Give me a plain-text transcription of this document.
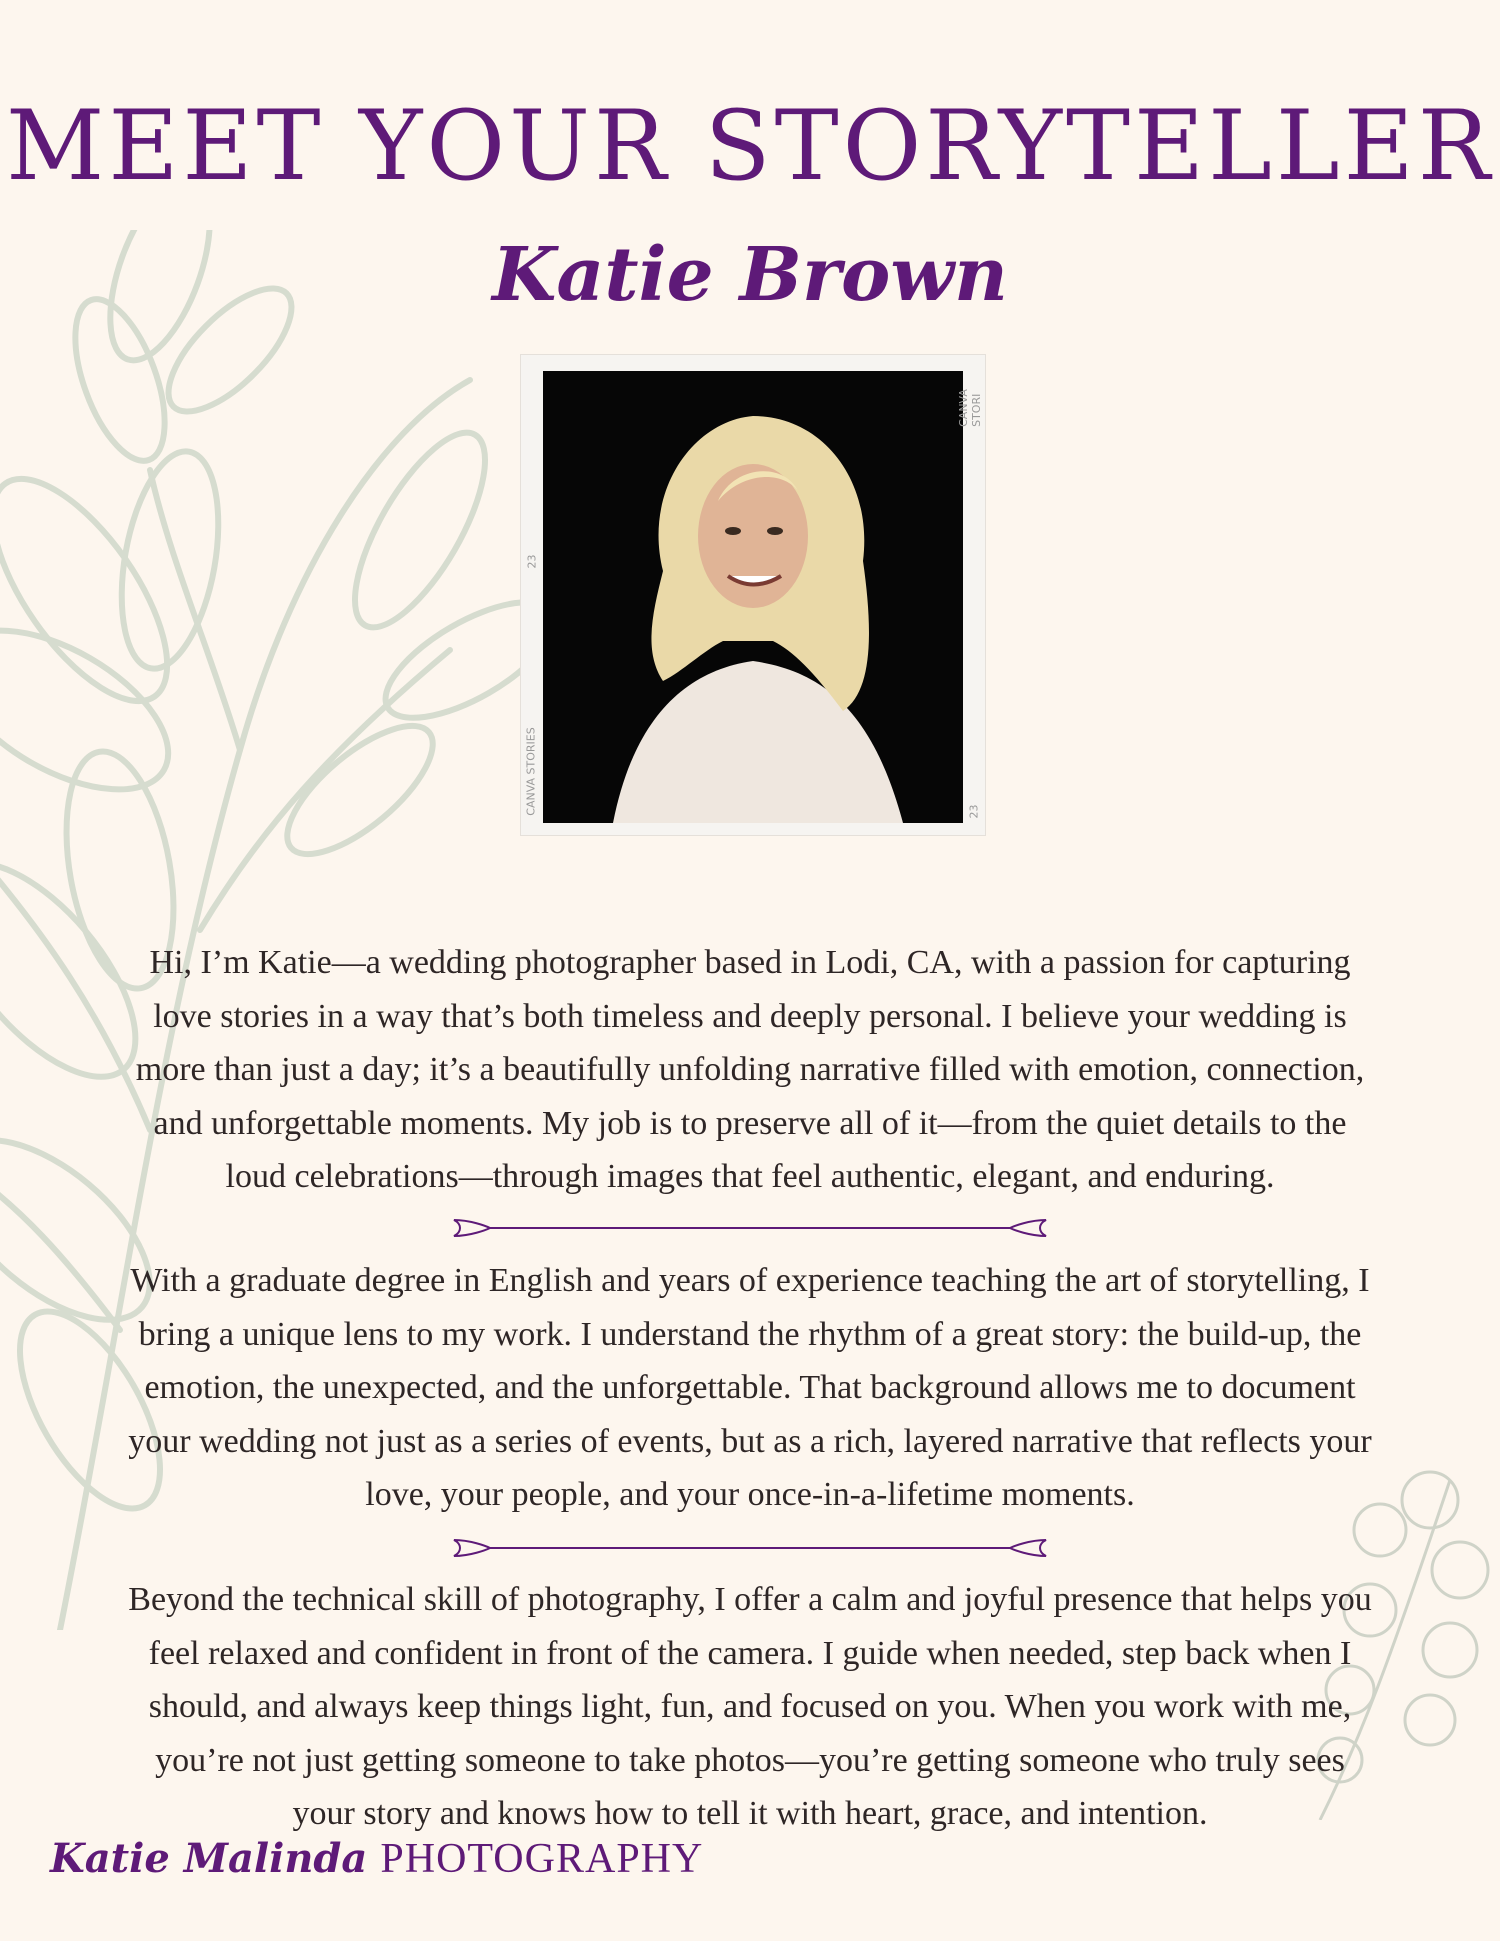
MEET YOUR STORYTELLER
Katie Brown
23
CANVA STORIES
CANVA STORI
23

Hi, I’m Katie—a wedding photographer based in Lodi, CA, with a passion for capturing love stories in a way that’s both timeless and deeply personal. I believe your wedding is more than just a day; it’s a beautifully unfolding narrative filled with emotion, connection, and unforgettable moments. My job is to preserve all of it—from the quiet details to the loud celebrations—through images that feel authentic, elegant, and enduring.

With a graduate degree in English and years of experience teaching the art of storytelling, I bring a unique lens to my work. I understand the rhythm of a great story: the build-up, the emotion, the unexpected, and the unforgettable. That background allows me to document your wedding not just as a series of events, but as a rich, layered narrative that reflects your love, your people, and your once-in-a-lifetime moments.

Beyond the technical skill of photography, I offer a calm and joyful presence that helps you feel relaxed and confident in front of the camera. I guide when needed, step back when I should, and always keep things light, fun, and focused on you. When you work with me, you’re not just getting someone to take photos—you’re getting someone who truly sees your story and knows how to tell it with heart, grace, and intention.

Katie Malinda PHOTOGRAPHY
